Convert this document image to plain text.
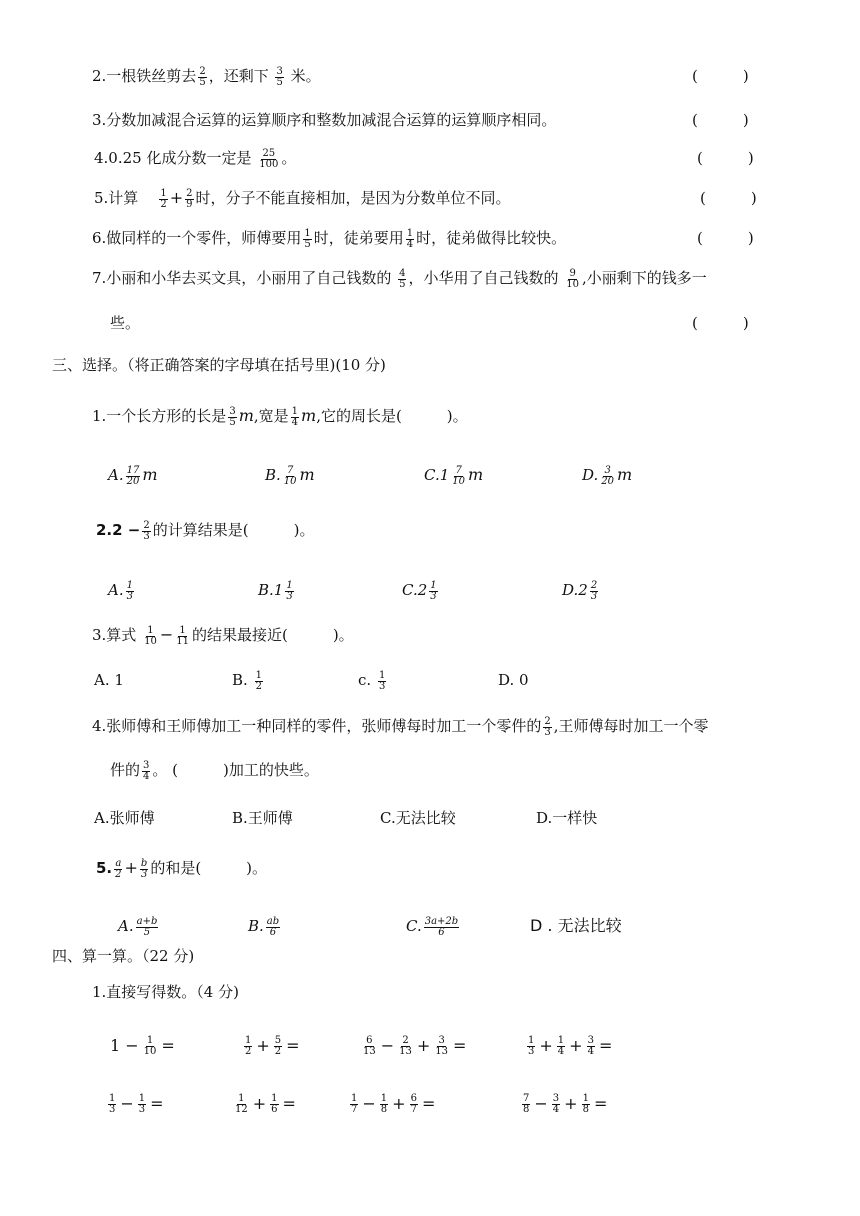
2.一根铁丝剪去 $\frac{2}{5}$ ，还剩下 $\frac{3}{5}$ 米。	(　　　)
3.分数加减混合运算的运算顺序和整数加减混合运算的运算顺序相同。	(　　　)
4.0.25 化成分数一定是 $\frac{25}{100}$ 。	(　　　)
5.计算 $\frac{1}{2} + \frac{2}{9}$ 时，分子不能直接相加，是因为分数单位不同。	(　　　)
6.做同样的一个零件，师傅要用 $\frac{1}{5}$ 时，徒弟要用 $\frac{1}{4}$ 时，徒弟做得比较快。	(　　　)
7.小丽和小华去买文具，小丽用了自己钱数的 $\frac{4}{5}$ ，小华用了自己钱数的 $\frac{9}{10}$ ,小丽剩下的钱多一
些。	(　　　)
三、选择。（将正确答案的字母填在括号里)(10 分)
1.一个长方形的长是 $\frac{3}{5} m$,宽是 $\frac{1}{4} m$,它的周长是(　　　)。
A. $\frac{17}{20}$ m	B. $\frac{7}{10}$ m	$C.1 \frac{7}{10}$ m	D. $\frac{3}{20}$ m
$2.2 - \frac{2}{3}$ 的计算结果是(　　　)。
A. $\frac{1}{3}$	$B.1 \frac{1}{3}$	$C.2 \frac{1}{3}$	$D.2 \frac{2}{3}$
3.算式 $\frac{1}{10} - \frac{1}{11}$ 的结果最接近(　　　)。
A. 1	B. $\frac{1}{2}$	c. $\frac{1}{3}$	D. 0
4.张师傅和王师傅加工一种同样的零件，张师傅每时加工一个零件的 $\frac{2}{3}$ ,王师傅每时加工一个零
件的 $\frac{3}{4}$ 。 (　　　)加工的快些。
A.张师傅	B.王师傅	C.无法比较	D.一样快
5. $\frac{a}{2} + \frac{b}{3}$ 的和是(　　　)。
A. $\frac{a+b}{5}$	B. $\frac{ab}{6}$	C. $\frac{3a+2b}{6}$	D . 无法比较
四、算一算。（22 分)
1.直接写得数。（4 分)
$1 - \frac{1}{10}$ =	$\frac{1}{2} + \frac{5}{2}$ =	$\frac{6}{13} - \frac{2}{13} + \frac{3}{13}$ =	$\frac{1}{3} + \frac{1}{4} + \frac{3}{4}$ =
$\frac{1}{3} - \frac{1}{3}$ =	$\frac{1}{12} + \frac{1}{6}$ =	$\frac{1}{7} - \frac{1}{8} + \frac{6}{7}$ =	$\frac{7}{8} - \frac{3}{4} + \frac{1}{8}$ =
